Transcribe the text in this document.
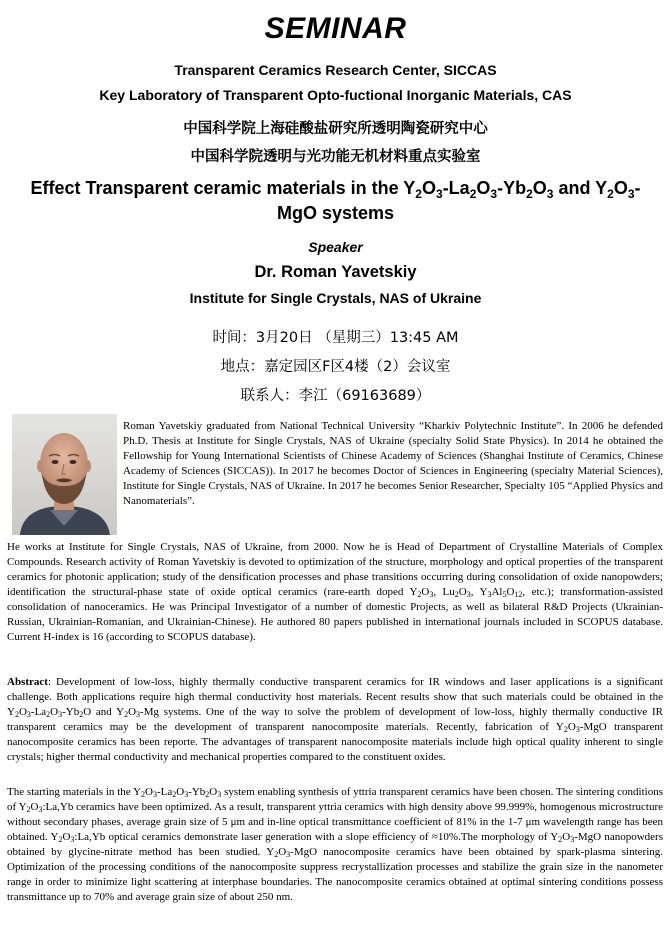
SEMINAR
Transparent Ceramics Research Center, SICCAS
Key Laboratory of Transparent Opto-fuctional Inorganic Materials, CAS
中国科学院上海硅酸盐研究所透明陶瓷研究中心
中国科学院透明与光功能无机材料重点实验室
Effect Transparent ceramic materials in the $Y_2O_3-La_2O_3-Yb_2O_3$ and $Y_2O_3$-MgO systems
Speaker
Dr. Roman Yavetskiy
Institute for Single Crystals, NAS of Ukraine
时间：3月20日 （星期三）13:45 AM
地点：嘉定园区F区4楼（2）会议室
联系人：李江（69163689）
Roman Yavetskiy graduated from National Technical University “Kharkiv Polytechnic Institute”. In 2006 he defended Ph.D. Thesis at Institute for Single Crystals, NAS of Ukraine (specialty Solid State Physics). In 2014 he obtained the Fellowship for Young International Scientists of Chinese Academy of Sciences (Shanghai Institute of Ceramics, Chinese Academy of Sciences (SICCAS)). In 2017 he becomes Doctor of Sciences in Engineering (specialty Material Sciences), Institute for Single Crystals, NAS of Ukraine. In 2017 he becomes Senior Researcher, Specialty 105 “Applied Physics and Nanomaterials”.
He works at Institute for Single Crystals, NAS of Ukraine, from 2000. Now he is Head of Department of Crystalline Materials of Complex Compounds. Research activity of Roman Yavetskiy is devoted to optimization of the structure, morphology and optical properties of the transparent ceramics for photonic application; study of the densification processes and phase transitions occurring during consolidation of oxide nanopowders; identification the structural-phase state of oxide optical ceramics (rare-earth doped $Y_2O_3$, $Lu_2O_3$, $Y_3Al_5O_{12}$, etc.); transformation-assisted consolidation of nanoceramics. He was Principal Investigator of a number of domestic Projects, as well as bilateral R&D Projects (Ukrainian-Russian, Ukrainian-Romanian, and Ukrainian-Chinese). He authored 80 papers published in international journals included in SCOPUS database. Current H-index is 16 (according to SCOPUS database).
Abstract: Development of low-loss, highly thermally conductive transparent ceramics for IR windows and laser applications is a significant challenge. Both applications require high thermal conductivity host materials. Recent results show that such materials could be obtained in the $Y_2O_3-La_2O_3-Yb_2O$ and $Y_2O_3-Mg$ systems. One of the way to solve the problem of development of low-loss, highly thermally conductive IR transparent ceramics may be the development of transparent nanocomposite materials. Recently, fabrication of $Y_2O_3$-MgO transparent nanocomposite ceramics has been reporte. The advantages of transparent nanocomposite materials include high optical quality inherent to single crystals; higher thermal conductivity and mechanical properties compared to the constituent oxides.
The starting materials in the $Y_2O_3-La_2O_3-Yb_2O_3$ system enabling synthesis of yttria transparent ceramics have been chosen. The sintering conditions of $Y_2O_3:La,Yb$ ceramics have been optimized. As a result, transparent yttria ceramics with high density above 99.999%, homogenous microstructure without secondary phases, average grain size of 5 μm and in-line optical transmittance coefficient of 81% in the 1-7 μm wavelength range has been obtained. $Y_2O_3:La,Yb$ optical ceramics demonstrate laser generation with a slope efficiency of ≈10%.The morphology of $Y_2O_3$-MgO nanopowders obtained by glycine-nitrate method has been studied. $Y_2O_3$-MgO nanocomposite ceramics have been obtained by spark-plasma sintering. Optimization of the processing conditions of the nanocomposite suppress recrystallization processes and stabilize the grain size in the nanometer range in order to minimize light scattering at interphase boundaries. The nanocomposite ceramics obtained at optimal sintering conditions possess transmittance up to 70% and average grain size of about 250 nm.
